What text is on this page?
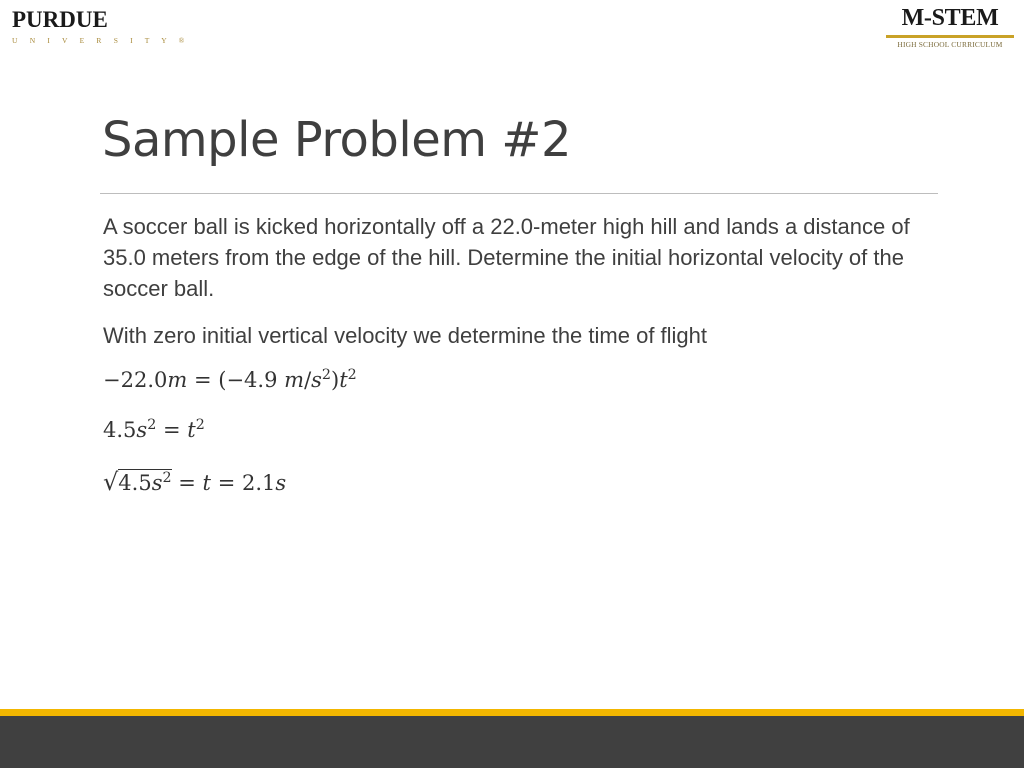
PURDUE
U N I V E R S I T Y ®
M-STEM
HIGH SCHOOL CURRICULUM
Sample Problem #2

A soccer ball is kicked horizontally off a 22.0-meter high hill and lands a distance of 35.0 meters from the edge of the hill. Determine the initial horizontal velocity of the soccer ball.

With zero initial vertical velocity we determine the time of flight

−22.0m = (−4.9 $m/s^2)t^2$
$4.5s^2 = t^2$
$√4.5s^2 = t = 2.1s$
